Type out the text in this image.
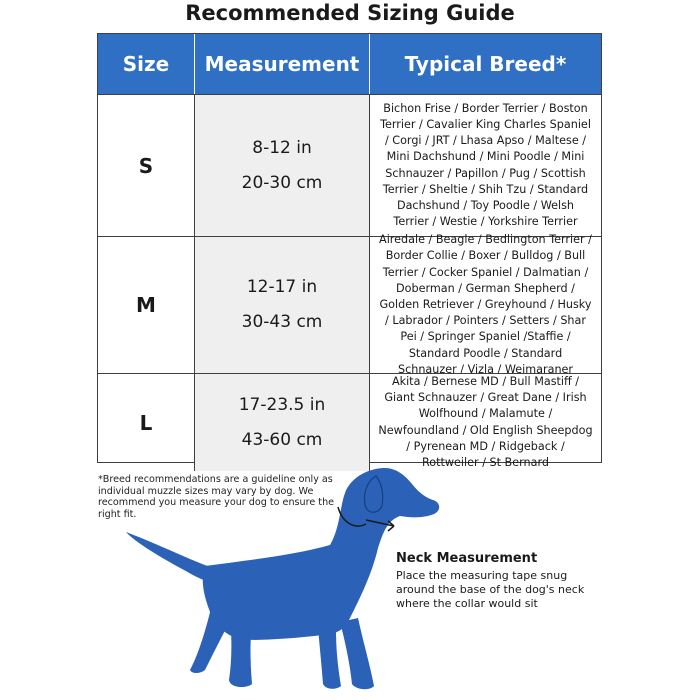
Recommended Sizing Guide
Size	Measurement	Typical Breed*
S
8-12 in
20-30 cm
Bichon Frise / Border Terrier / Boston Terrier / Cavalier King Charles Spaniel / Corgi / JRT / Lhasa Apso / Maltese / Mini Dachshund / Mini Poodle / Mini Schnauzer / Papillon / Pug / Scottish Terrier / Sheltie / Shih Tzu / Standard Dachshund / Toy Poodle / Welsh Terrier / Westie / Yorkshire Terrier
M
12-17 in
30-43 cm
Airedale / Beagle / Bedlington Terrier / Border Collie / Boxer / Bulldog / Bull Terrier / Cocker Spaniel / Dalmatian / Doberman / German Shepherd / Golden Retriever / Greyhound / Husky / Labrador / Pointers / Setters / Shar Pei / Springer Spaniel /Staffie / Standard Poodle / Standard Schnauzer / Vizla / Weimaraner
L
17-23.5 in
43-60 cm
Akita / Bernese MD / Bull Mastiff / Giant Schnauzer / Great Dane / Irish Wolfhound / Malamute / Newfoundland / Old English Sheepdog / Pyrenean MD / Ridgeback / Rottweiler / St Bernard
*Breed recommendations are a guideline only as individual muzzle sizes may vary by dog. We recommend you measure your dog to ensure the right fit.
Neck Measurement
Place the measuring tape snug around the base of the dog's neck where the collar would sit
